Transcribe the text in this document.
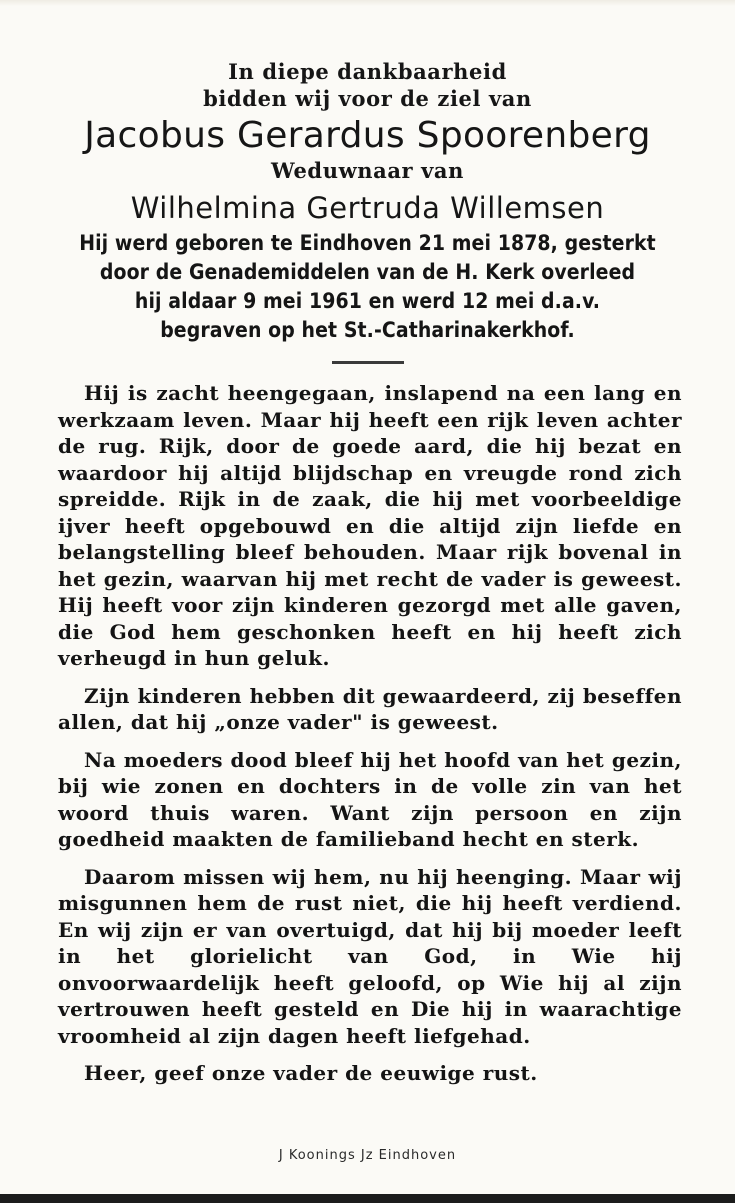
In diepe dankbaarheid
bidden wij voor de ziel van
Jacobus Gerardus Spoorenberg
Weduwnaar van
Wilhelmina Gertruda Willemsen
Hij werd geboren te Eindhoven 21 mei 1878, gesterkt
door de Genademiddelen van de H. Kerk overleed
hij aldaar 9 mei 1961 en werd 12 mei d.a.v.
begraven op het St.-Catharinakerkhof.

Hij is zacht heengegaan, inslapend na een lang en werkzaam leven. Maar hij heeft een rijk leven achter de rug. Rijk, door de goede aard, die hij bezat en waardoor hij altijd blijdschap en vreugde rond zich spreidde. Rijk in de zaak, die hij met voorbeeldige ijver heeft opgebouwd en die altijd zijn liefde en belangstelling bleef behouden. Maar rijk bovenal in het gezin, waarvan hij met recht de vader is geweest. Hij heeft voor zijn kinderen gezorgd met alle gaven, die God hem geschonken heeft en hij heeft zich verheugd in hun geluk.

Zijn kinderen hebben dit gewaardeerd, zij beseffen allen, dat hij „onze vader" is geweest.

Na moeders dood bleef hij het hoofd van het gezin, bij wie zonen en dochters in de volle zin van het woord thuis waren. Want zijn persoon en zijn goedheid maakten de familieband hecht en sterk.

Daarom missen wij hem, nu hij heenging. Maar wij misgunnen hem de rust niet, die hij heeft verdiend. En wij zijn er van overtuigd, dat hij bij moeder leeft in het glorielicht van God, in Wie hij onvoorwaardelijk heeft geloofd, op Wie hij al zijn vertrouwen heeft gesteld en Die hij in waarachtige vroomheid al zijn dagen heeft liefgehad.

Heer, geef onze vader de eeuwige rust.

J Koonings Jz Eindhoven
